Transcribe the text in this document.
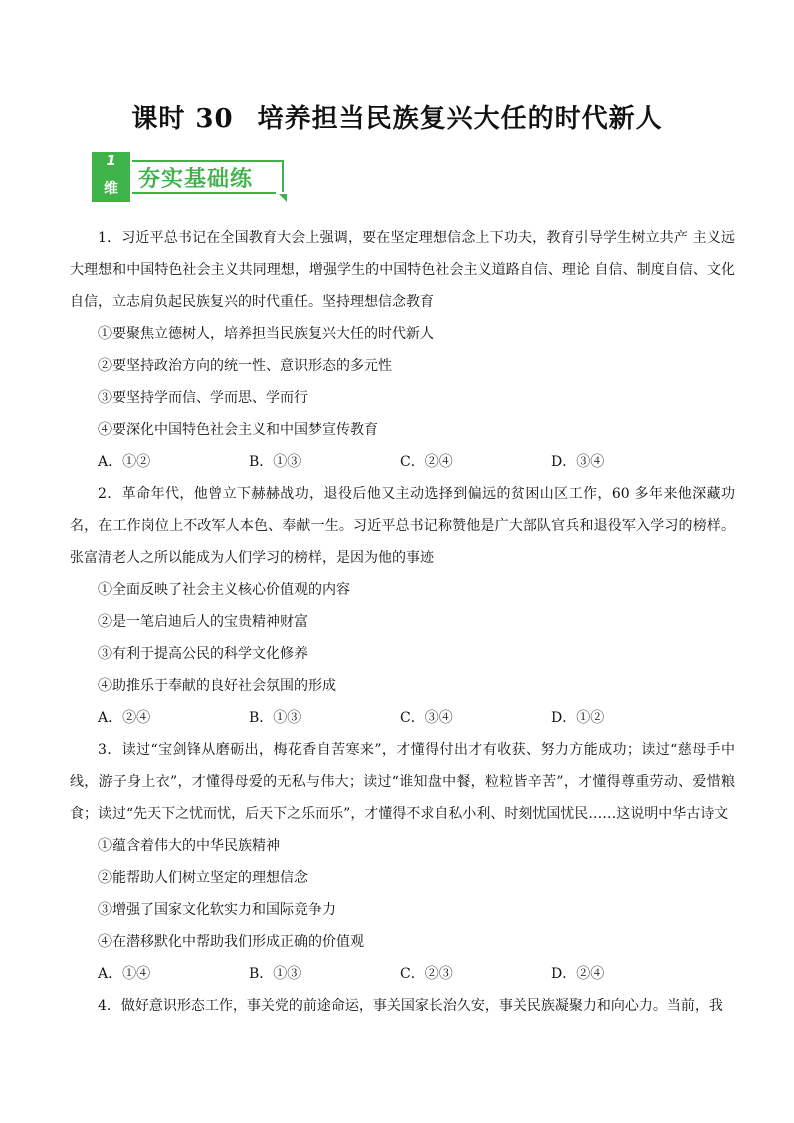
课时 30 培养担当民族复兴大任的时代新人
1
维 夯实基础练

1．习近平总书记在全国教育大会上强调，要在坚定理想信念上下功夫，教育引导学生树立共产 主义远大理想和中国特色社会主义共同理想，增强学生的中国特色社会主义道路自信、理论 自信、制度自信、文化自信，立志肩负起民族复兴的时代重任。坚持理想信念教育

①要聚焦立德树人，培养担当民族复兴大任的时代新人

②要坚持政治方向的统一性、意识形态的多元性

③要坚持学而信、学而思、学而行

④要深化中国特色社会主义和中国梦宣传教育

A．①②	B．①③	C．②④	D．③④

2．革命年代，他曾立下赫赫战功，退役后他又主动选择到偏远的贫困山区工作，60 多年来他深藏功名，在工作岗位上不改军人本色、奉献一生。习近平总书记称赞他是广大部队官兵和退役军入学习的榜样。张富清老人之所以能成为人们学习的榜样，是因为他的事迹

①全面反映了社会主义核心价值观的内容

②是一笔启迪后人的宝贵精神财富

③有利于提高公民的科学文化修养

④助推乐于奉献的良好社会氛围的形成

A．②④	B．①③	C．③④	D．①②

3．读过“宝剑锋从磨砺出，梅花香自苦寒来”，才懂得付出才有收获、努力方能成功；读过“慈母手中线，游子身上衣”，才懂得母爱的无私与伟大；读过“谁知盘中餐，粒粒皆辛苦”，才懂得尊重劳动、爱惜粮食；读过“先天下之忧而忧，后天下之乐而乐”，才懂得不求自私小利、时刻忧国忧民……这说明中华古诗文

①蕴含着伟大的中华民族精神

②能帮助人们树立坚定的理想信念

③增强了国家文化软实力和国际竞争力

④在潜移默化中帮助我们形成正确的价值观

A．①④	B．①③	C．②③	D．②④

4．做好意识形态工作，事关党的前途命运，事关国家长治久安，事关民族凝聚力和向心力。当前，我
